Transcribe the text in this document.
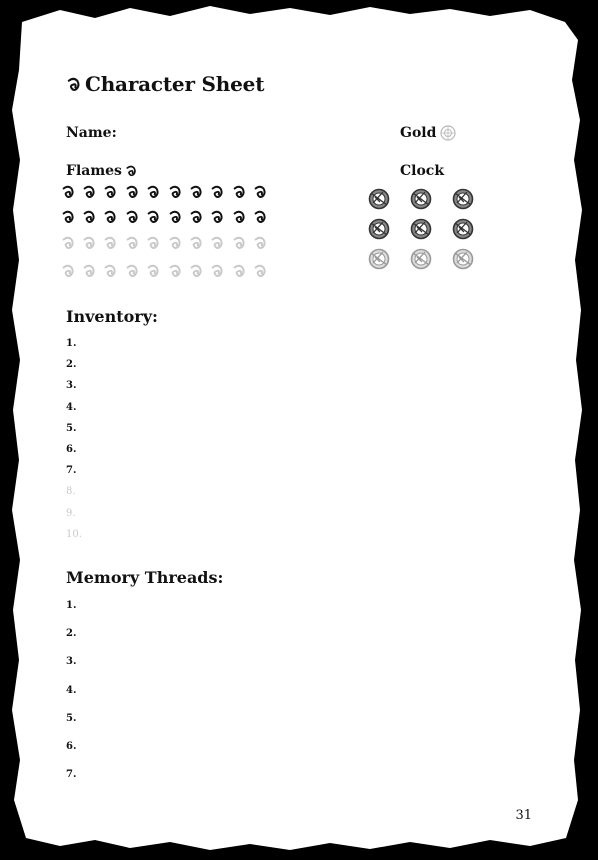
Character Sheet
Name:	Gold
Flames	Clock
Inventory:
1.
2.
3.
4.
5.
6.
7.
8.
9.
10.
Memory Threads:
1.
2.
3.
4.
5.
6.
7.
31
